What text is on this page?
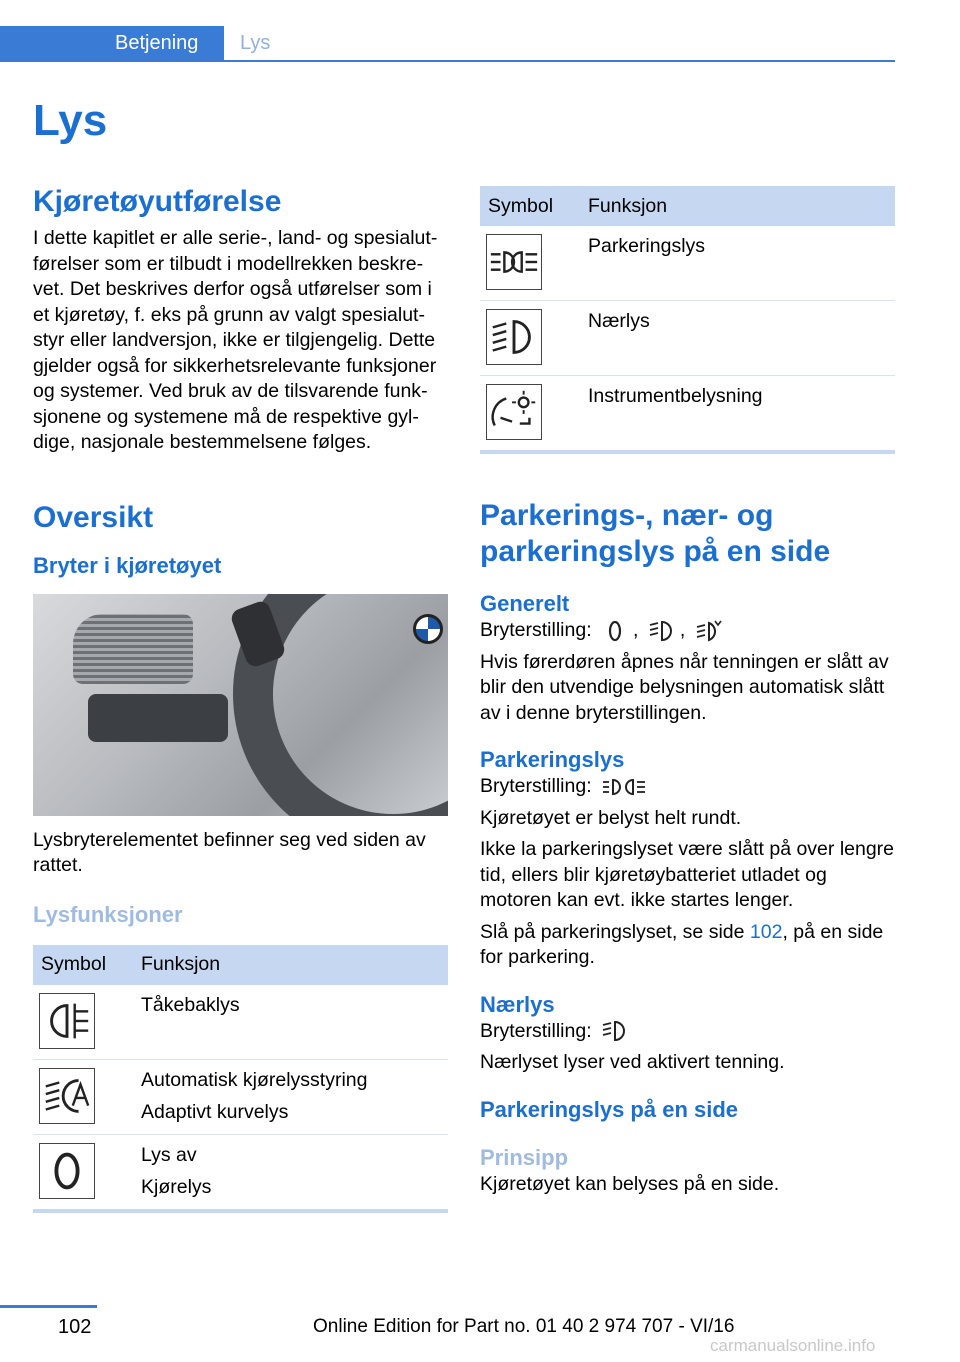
Betjening	Lys
Lys
Kjøretøyutførelse

I dette kapitlet er alle serie-, land- og spesialutførelser som er tilbudt i modellrekken beskrevet. Det beskrives derfor også utførelser som i et kjøretøy, f. eks på grunn av valgt spesialutstyr eller landversjon, ikke er tilgjengelig. Dette gjelder også for sikkerhetsrelevante funksjoner og systemer. Ved bruk av de tilsvarende funksjonene og systemene må de respektive gyldige, nasjonale bestemmelsene følges.

Oversikt
Bryter i kjøretøyet

Lysbryterelementet befinner seg ved siden av rattet.

Lysfunksjoner
Symbol	Funksjon

Tåkebaklys

Automatisk kjørelysstyring
Adaptivt kurvelys

Lys av
Kjørelys
Symbol	Funksjon

Parkeringslys

Nærlys

Instrumentbelysning
Parkerings-, nær- og parkeringslys på en side
Generelt

Bryterstilling: , ,

Hvis førerdøren åpnes når tenningen er slått av blir den utvendige belysningen automatisk slått av i denne bryterstillingen.

Parkeringslys

Bryterstilling:

Kjøretøyet er belyst helt rundt.

Ikke la parkeringslyset være slått på over lengre tid, ellers blir kjøretøybatteriet utladet og motoren kan evt. ikke startes lenger.

Slå på parkeringslyset, se side 102, på en side for parkering.

Nærlys

Bryterstilling:

Nærlyset lyser ved aktivert tenning.

Parkeringslys på en side
Prinsipp

Kjøretøyet kan belyses på en side.

102	Online Edition for Part no. 01 40 2 974 707 - VI/16
carmanualsonline.info
